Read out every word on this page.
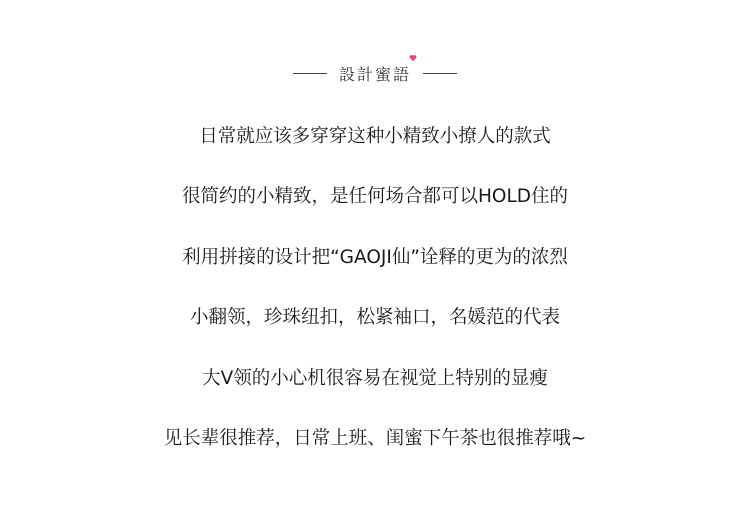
設計蜜語
日常就应该多穿穿这种小精致小撩人的款式
很简约的小精致，是任何场合都可以HOLD住的
利用拼接的设计把“GAOJI仙”诠释的更为的浓烈
小翻领，珍珠纽扣，松紧袖口，名媛范的代表
大V领的小心机很容易在视觉上特别的显瘦
见长辈很推荐，日常上班、闺蜜下午茶也很推荐哦~
